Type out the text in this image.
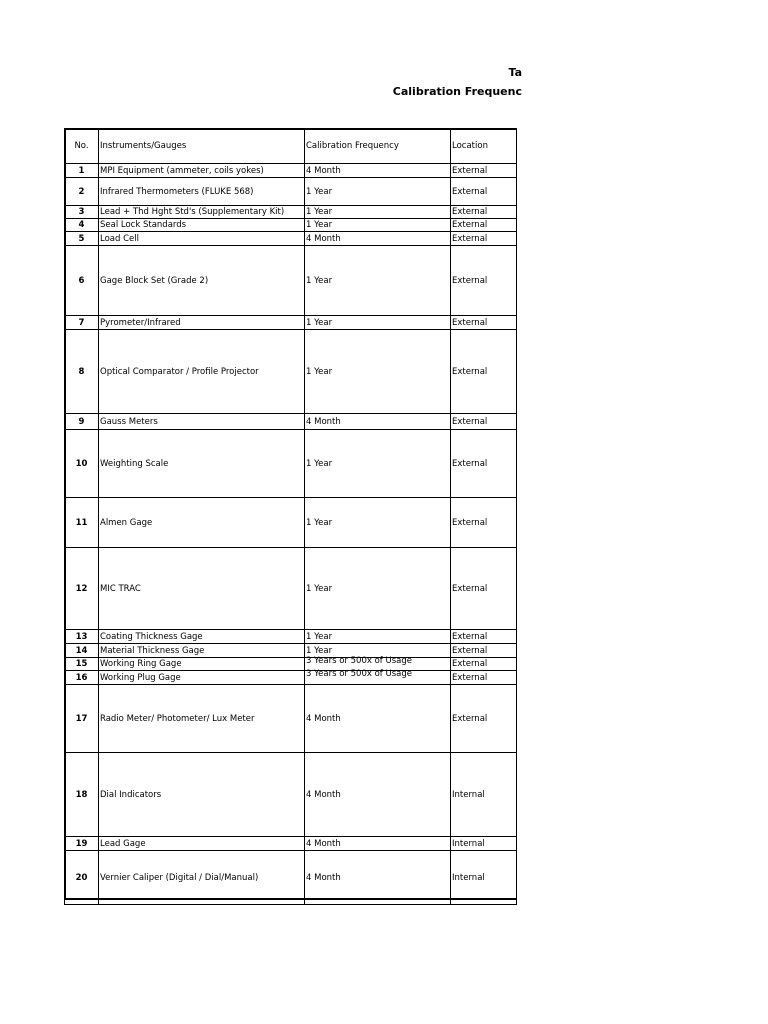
Ta
Calibration Frequenc
No.	Instruments/Gauges	Calibration Frequency	Location
1	MPI Equipment (ammeter, coils yokes)	4 Month	External
2	Infrared Thermometers (FLUKE 568)	1 Year	External
3	Lead + Thd Hght Std's (Supplementary Kit)	1 Year	External
4	Seal Lock Standards	1 Year	External
5	Load Cell	4 Month	External
6	Gage Block Set (Grade 2)	1 Year	External
7	Pyrometer/Infrared	1 Year	External
8	Optical Comparator / Profile Projector	1 Year	External
9	Gauss Meters	4 Month	External
10	Weighting Scale	1 Year	External
11	Almen Gage	1 Year	External
12	MIC TRAC	1 Year	External
13	Coating Thickness Gage	1 Year	External
14	Material Thickness Gage	1 Year	External
15	Working Ring Gage	3 Years or 500x of Usage	External
16	Working Plug Gage	3 Years or 500x of Usage	External
17	Radio Meter/ Photometer/ Lux Meter	4 Month	External
18	Dial Indicators	4 Month	Internal
19	Lead Gage	4 Month	Internal
20	Vernier Caliper (Digital / Dial/Manual)	4 Month	Internal
